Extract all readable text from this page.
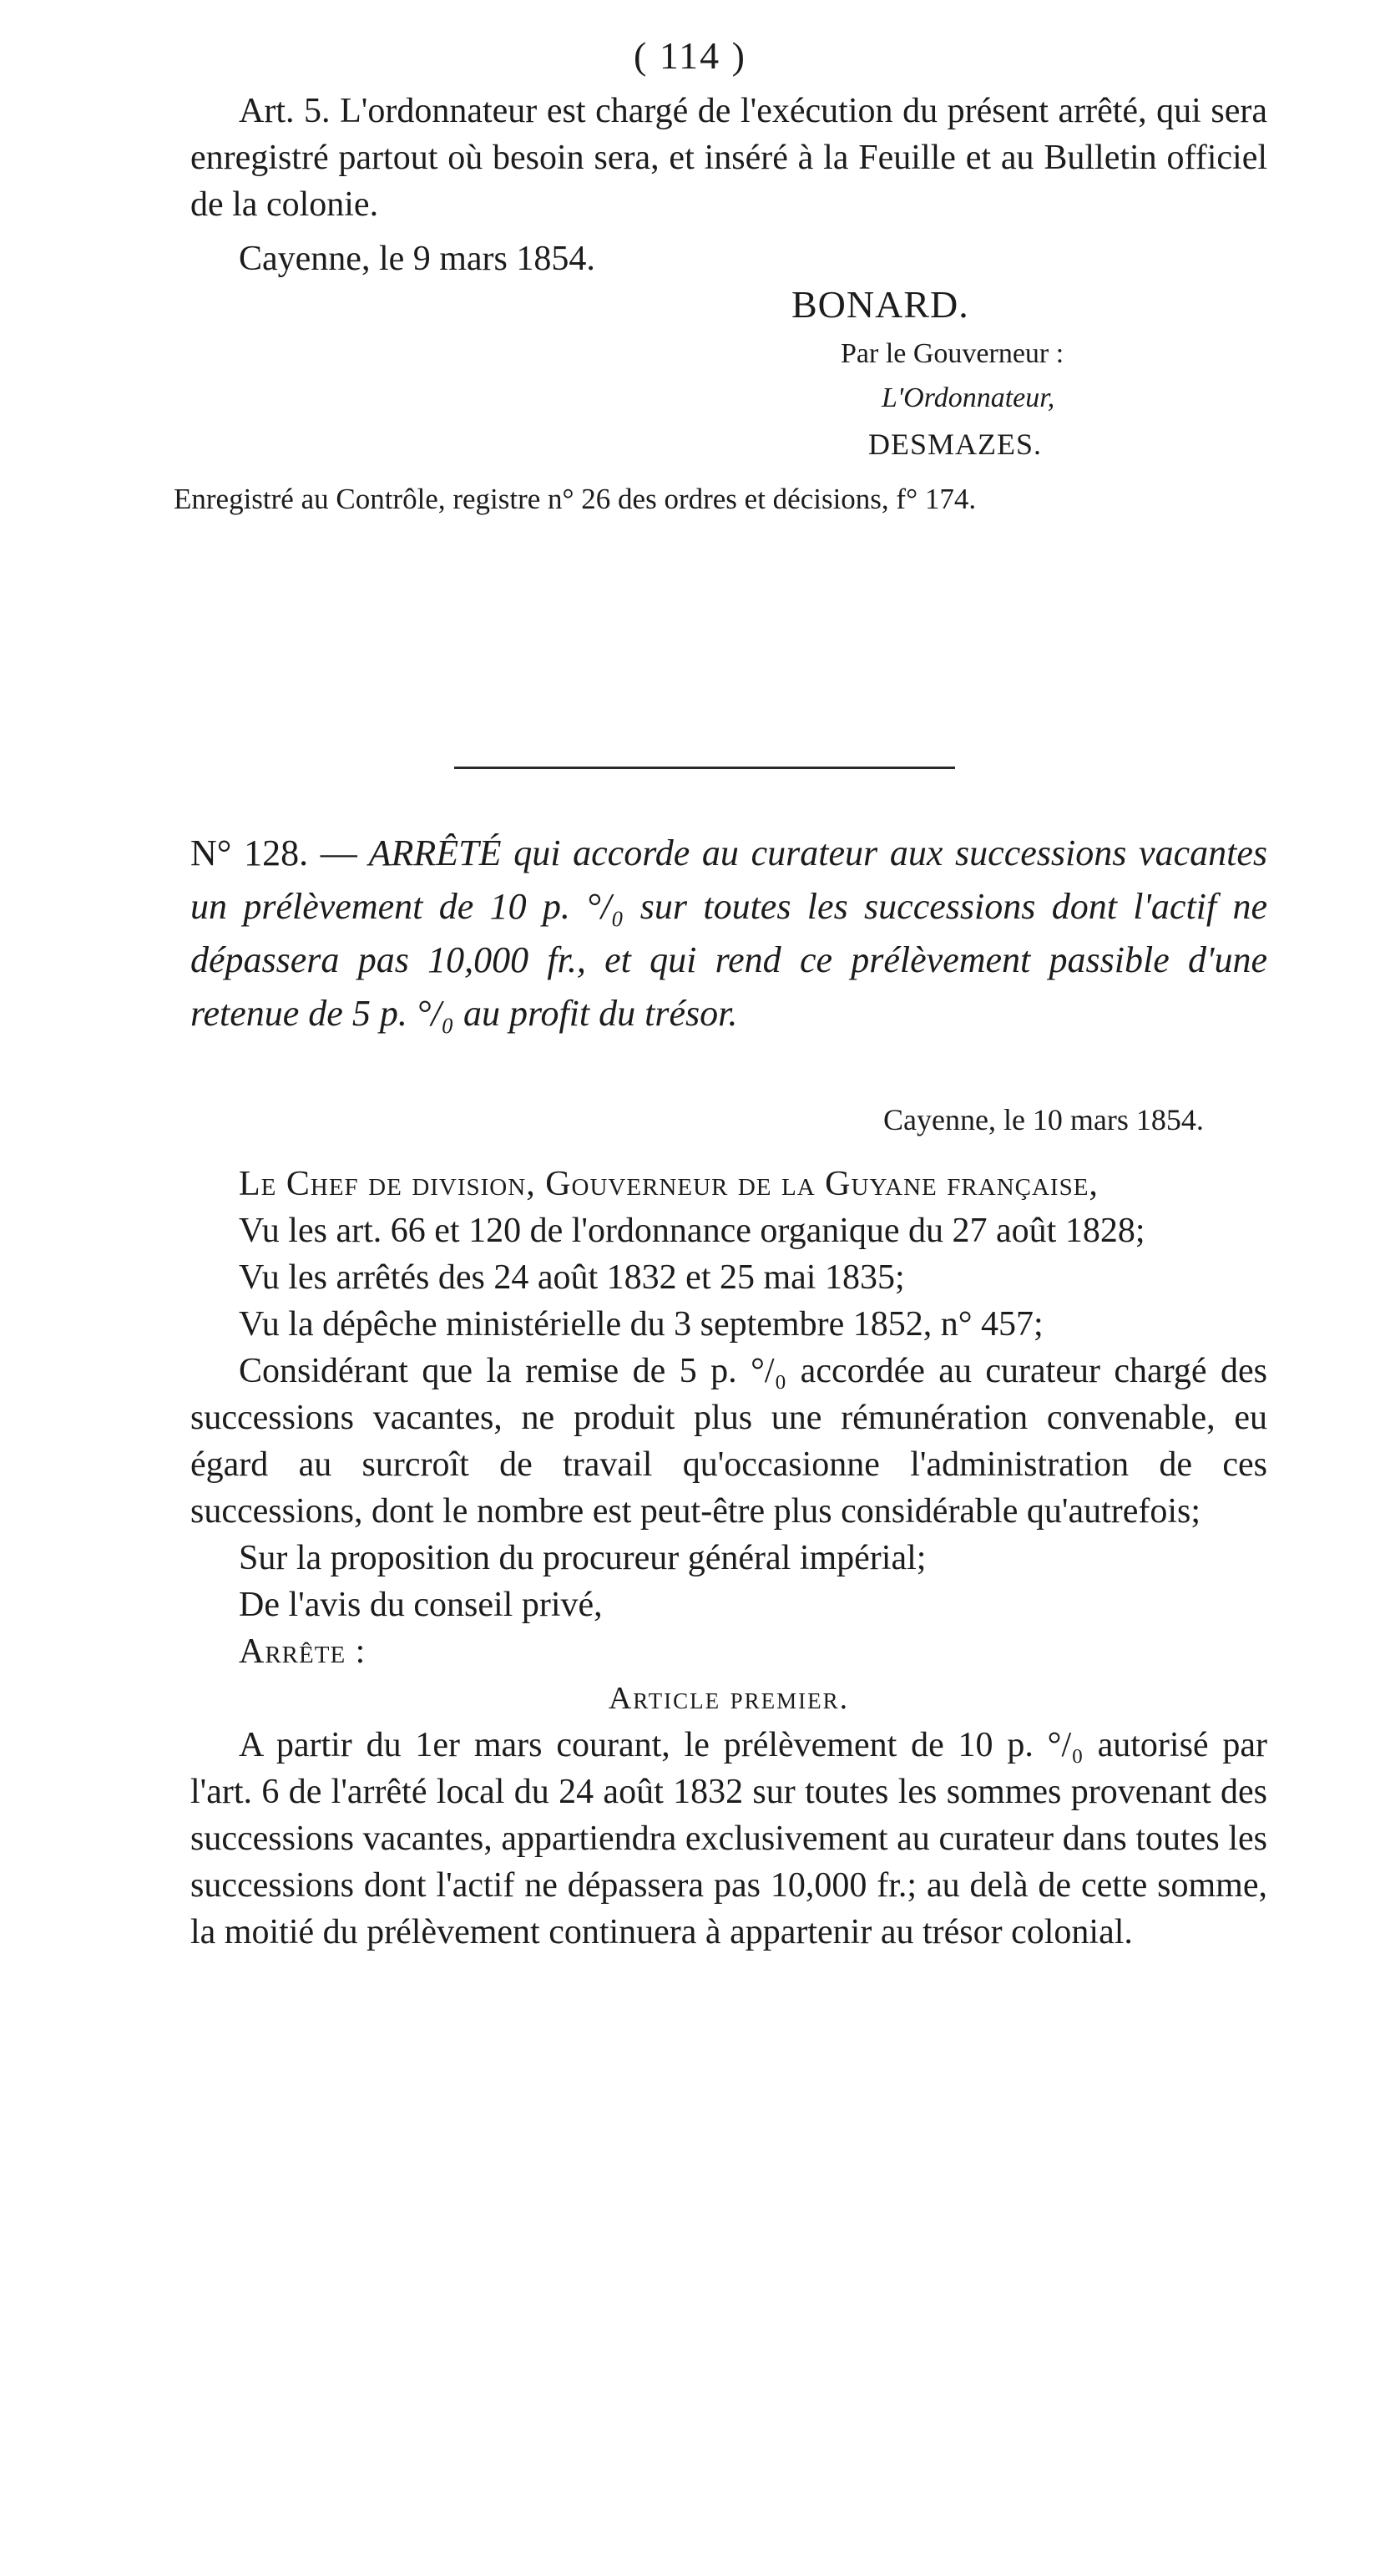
( 114 )
Art. 5. L'ordonnateur est chargé de l'exécution du présent arrêté, qui sera enregistré partout où besoin sera, et inséré à la Feuille et au Bulletin officiel de la colonie.
Cayenne, le 9 mars 1854.
BONARD.
Par le Gouverneur :
L'Ordonnateur,
DESMAZES.
Enregistré au Contrôle, registre n° 26 des ordres et décisions, f° 174.
N° 128. — ARRÊTÉ qui accorde au curateur aux successions vacantes un prélèvement de 10 p. °/₀ sur toutes les successions dont l'actif ne dépassera pas 10,000 fr., et qui rend ce prélèvement passible d'une retenue de 5 p. °/₀ au profit du trésor.
Cayenne, le 10 mars 1854.
Le Chef de division, Gouverneur de la Guyane française,
Vu les art. 66 et 120 de l'ordonnance organique du 27 août 1828;
Vu les arrêtés des 24 août 1832 et 25 mai 1835;
Vu la dépêche ministérielle du 3 septembre 1852, n° 457;
Considérant que la remise de 5 p. °/₀ accordée au curateur chargé des successions vacantes, ne produit plus une rémunération convenable, eu égard au surcroît de travail qu'occasionne l'administration de ces successions, dont le nombre est peut-être plus considérable qu'autrefois;
Sur la proposition du procureur général impérial;
De l'avis du conseil privé,
Arrête :
Article premier.
A partir du 1er mars courant, le prélèvement de 10 p. °/₀ autorisé par l'art. 6 de l'arrêté local du 24 août 1832 sur toutes les sommes provenant des successions vacantes, appartiendra exclusivement au curateur dans toutes les successions dont l'actif ne dépassera pas 10,000 fr.; au delà de cette somme, la moitié du prélèvement continuera à appartenir au trésor colonial.
